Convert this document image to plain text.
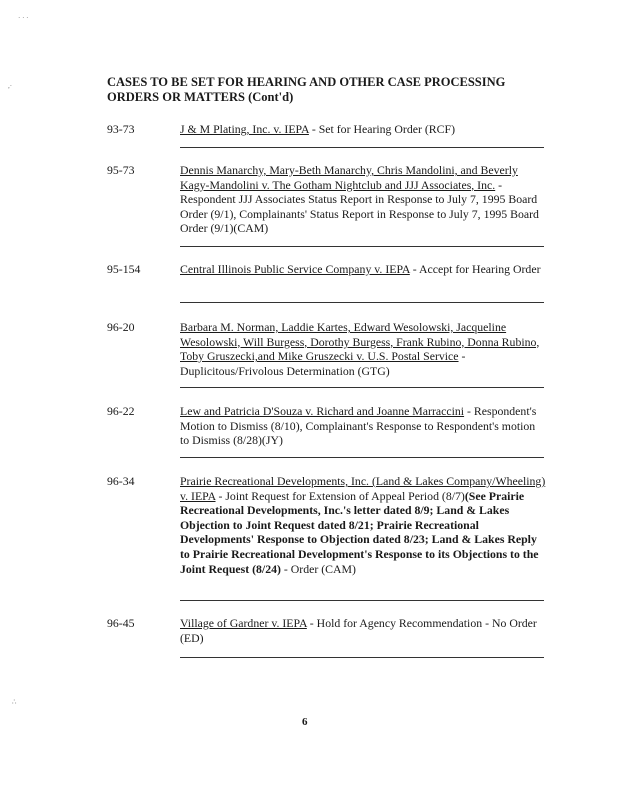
· · ·
,·
∴
CASES TO BE SET FOR HEARING AND OTHER CASE PROCESSING
ORDERS OR MATTERS (Cont'd)
93-73	J & M Plating, Inc. v. IEPA - Set for Hearing Order (RCF)
95-73	Dennis Manarchy, Mary-Beth Manarchy, Chris Mandolini, and Beverly Kagy-Mandolini v. The Gotham Nightclub and JJJ Associates, Inc. - Respondent JJJ Associates Status Report in Response to July 7, 1995 Board Order (9/1), Complainants' Status Report in Response to July 7, 1995 Board Order (9/1)(CAM)
95-154	Central Illinois Public Service Company v. IEPA - Accept for Hearing Order
96-20	Barbara M. Norman, Laddie Kartes, Edward Wesolowski, Jacqueline Wesolowski, Will Burgess, Dorothy Burgess, Frank Rubino, Donna Rubino, Toby Gruszecki,and Mike Gruszecki v. U.S. Postal Service - Duplicitous/Frivolous Determination (GTG)
96-22	Lew and Patricia D'Souza v. Richard and Joanne Marraccini - Respondent's Motion to Dismiss (8/10), Complainant's Response to Respondent's motion to Dismiss (8/28)(JY)
96-34	Prairie Recreational Developments, Inc. (Land & Lakes Company/Wheeling) v. IEPA - Joint Request for Extension of Appeal Period (8/7)(See Prairie Recreational Developments, Inc.'s letter dated 8/9; Land & Lakes Objection to Joint Request dated 8/21; Prairie Recreational Developments' Response to Objection dated 8/23; Land & Lakes Reply to Prairie Recreational Development's Response to its Objections to the Joint Request (8/24) - Order (CAM)
96-45	Village of Gardner v. IEPA - Hold for Agency Recommendation - No Order (ED)
6
